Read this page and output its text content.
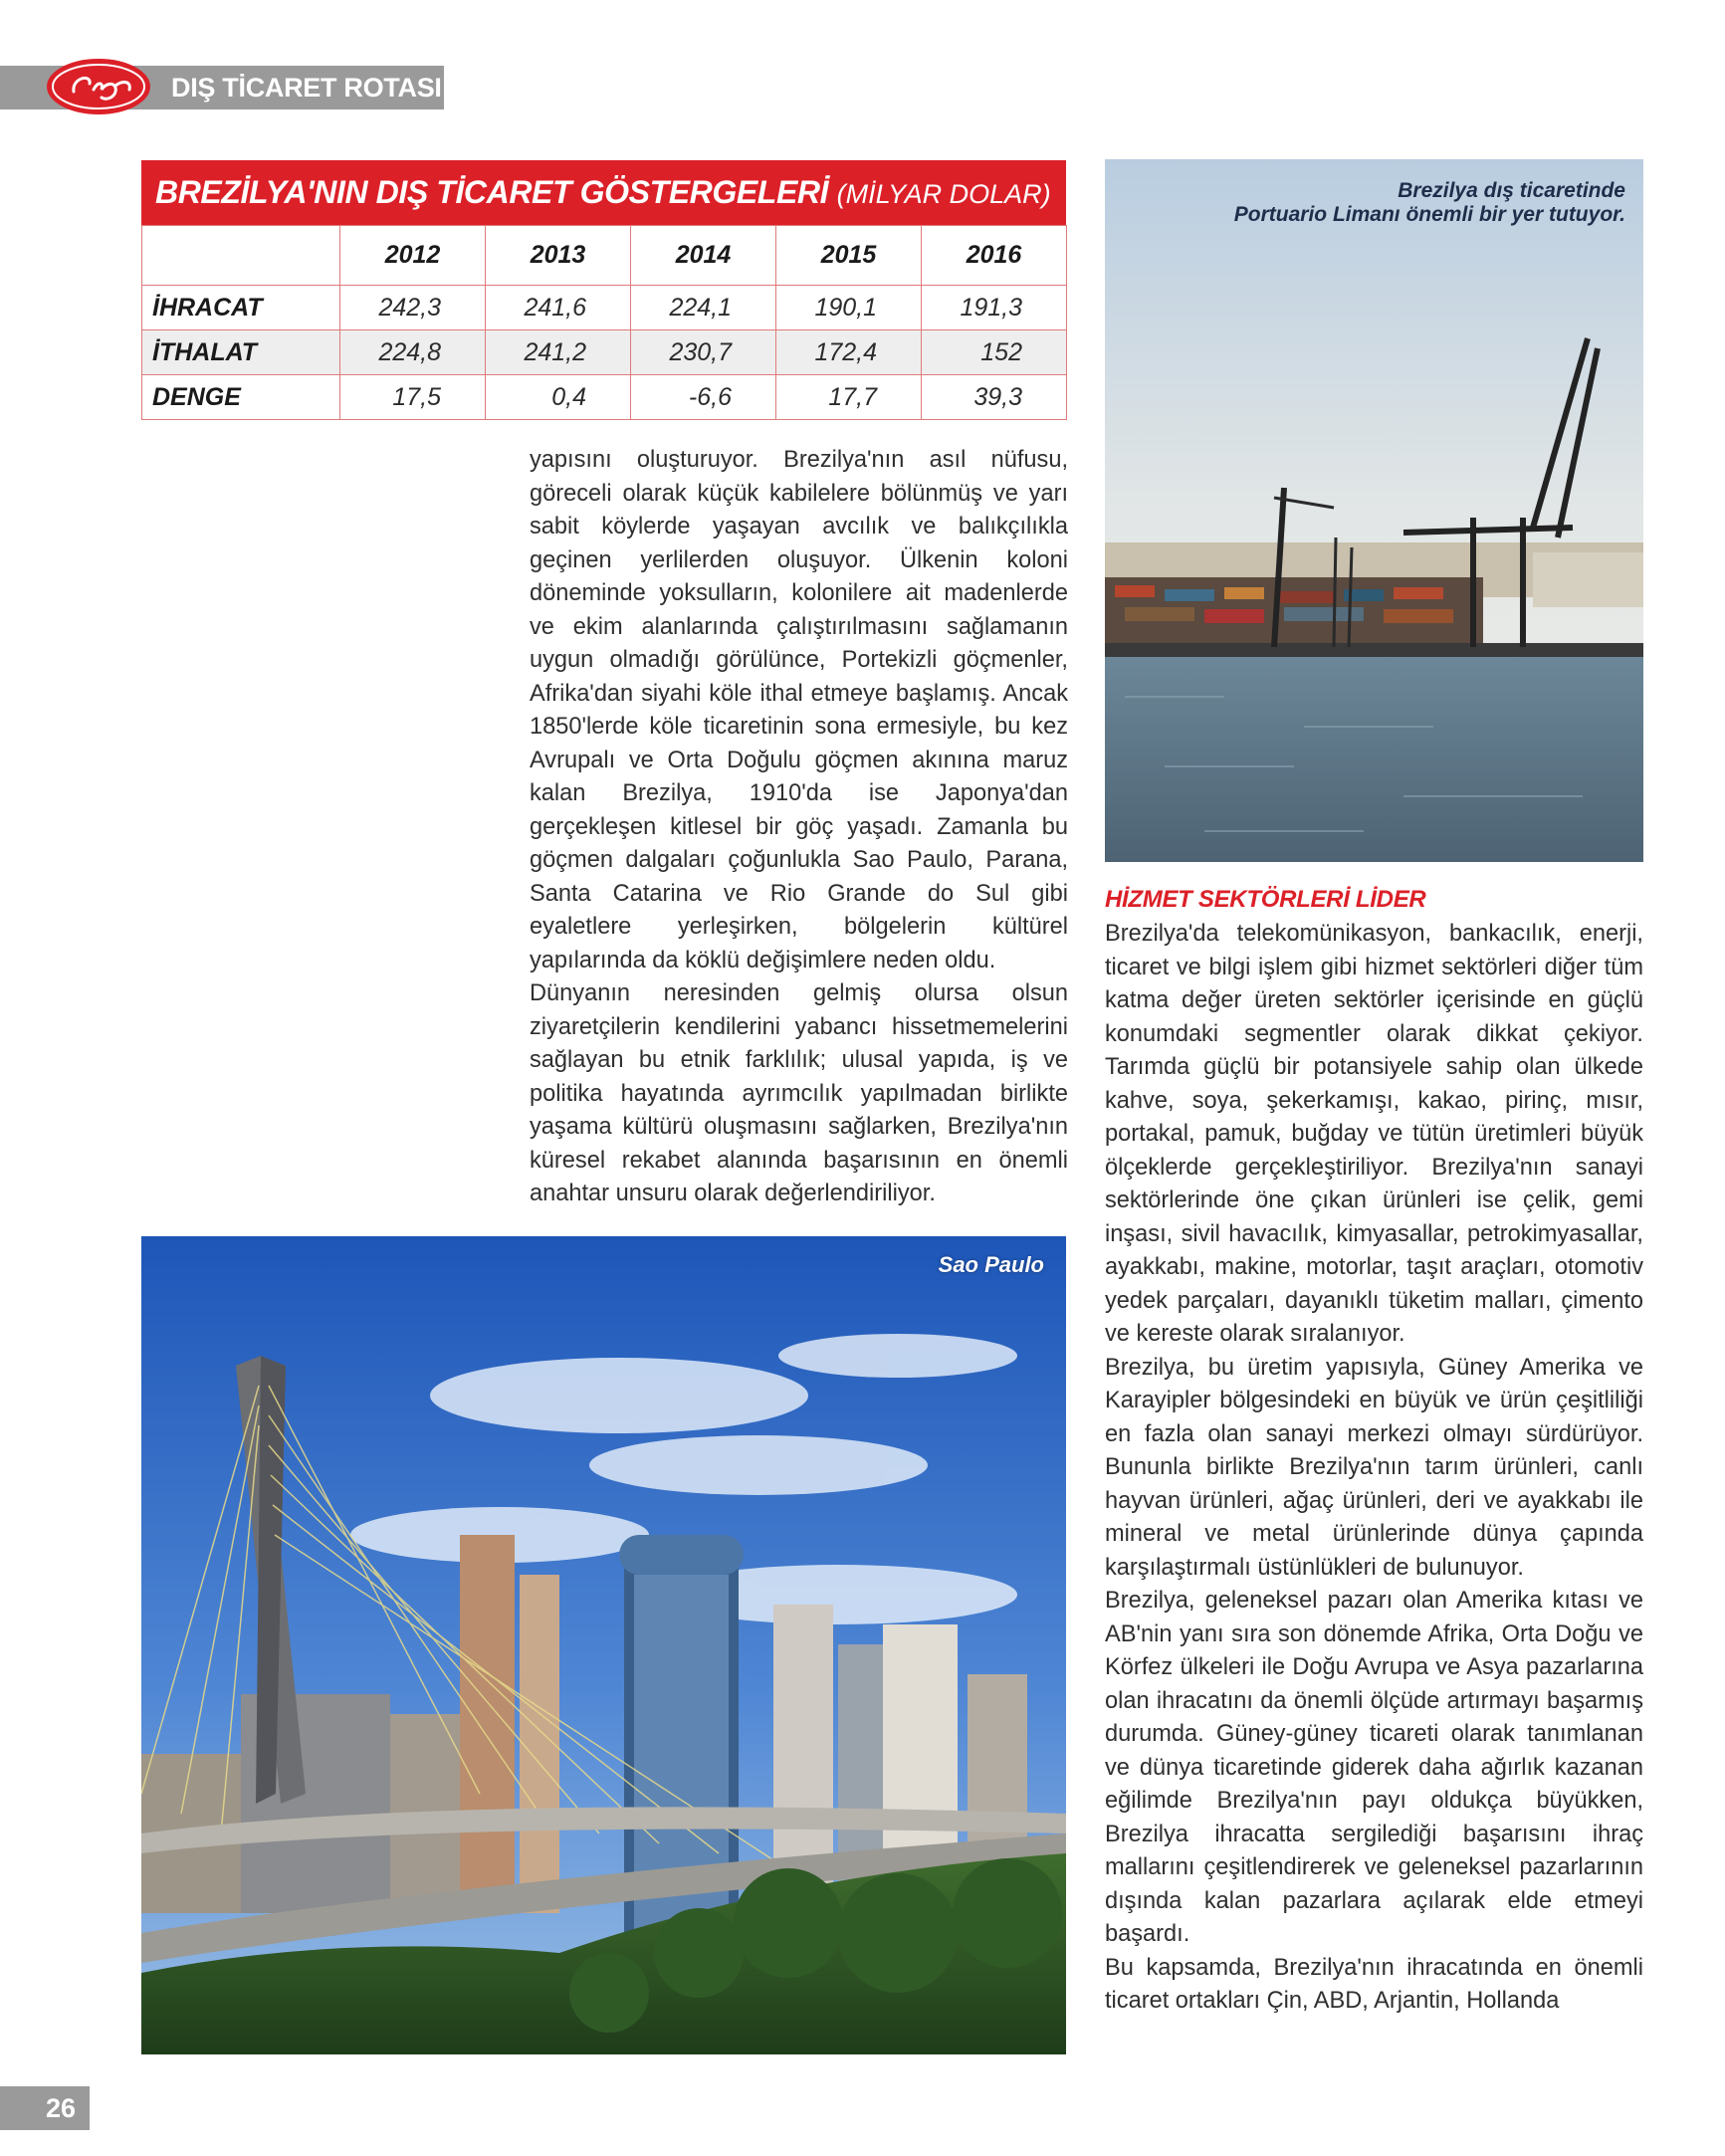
DIŞ TİCARET ROTASI
BREZİLYA'NIN DIŞ TİCARET GÖSTERGELERİ (MİLYAR DOLAR)
	2012	2013	2014	2015	2016
İHRACAT	242,3	241,6	224,1	190,1	191,3
İTHALAT	224,8	241,2	230,7	172,4	152
DENGE	17,5	0,4	-6,6	17,7	39,3

yapısını oluşturuyor. Brezilya'nın asıl nüfusu, göreceli olarak küçük kabilelere bölünmüş ve yarı sabit köylerde yaşayan avcılık ve balıkçılıkla geçinen yerlilerden oluşuyor. Ülkenin koloni döneminde yoksulların, kolonilere ait madenlerde ve ekim alanlarında çalıştırılmasını sağlamanın uygun olmadığı görülünce, Portekizli göçmenler, Afrika'dan siyahi köle ithal etmeye başlamış. Ancak 1850'lerde köle ticaretinin sona ermesiyle, bu kez Avrupalı ve Orta Doğulu göçmen akınına maruz kalan Brezilya, 1910'da ise Japonya'dan gerçekleşen kitlesel bir göç yaşadı. Zamanla bu göçmen dalgaları çoğunlukla Sao Paulo, Parana, Santa Catarina ve Rio Grande do Sul gibi eyaletlere yerleşirken, bölgelerin kültürel yapılarında da köklü değişimlere neden oldu.

Dünyanın neresinden gelmiş olursa olsun ziyaretçilerin kendilerini yabancı hissetmemelerini sağlayan bu etnik farklılık; ulusal yapıda, iş ve politika hayatında ayrımcılık yapılmadan birlikte yaşama kültürü oluşmasını sağlarken, Brezilya'nın küresel rekabet alanında başarısının en önemli anahtar unsuru olarak değerlendiriliyor.

Brezilya dış ticaretinde
Portuario Limanı önemli bir yer tutuyor.
HİZMET SEKTÖRLERİ LİDER

Brezilya'da telekomünikasyon, bankacılık, enerji, ticaret ve bilgi işlem gibi hizmet sektörleri diğer tüm katma değer üreten sektörler içerisinde en güçlü konumdaki segmentler olarak dikkat çekiyor. Tarımda güçlü bir potansiyele sahip olan ülkede kahve, soya, şekerkamışı, kakao, pirinç, mısır, portakal, pamuk, buğday ve tütün üretimleri büyük ölçeklerde gerçekleştiriliyor. Brezilya'nın sanayi sektörlerinde öne çıkan ürünleri ise çelik, gemi inşası, sivil havacılık, kimyasallar, petrokimyasallar, ayakkabı, makine, motorlar, taşıt araçları, otomotiv yedek parçaları, dayanıklı tüketim malları, çimento ve kereste olarak sıralanıyor.

Brezilya, bu üretim yapısıyla, Güney Amerika ve Karayipler bölgesindeki en büyük ve ürün çeşitliliği en fazla olan sanayi merkezi olmayı sürdürüyor. Bununla birlikte Brezilya'nın tarım ürünleri, canlı hayvan ürünleri, ağaç ürünleri, deri ve ayakkabı ile mineral ve metal ürünlerinde dünya çapında karşılaştırmalı üstünlükleri de bulunuyor.

Brezilya, geleneksel pazarı olan Amerika kıtası ve AB'nin yanı sıra son dönemde Afrika, Orta Doğu ve Körfez ülkeleri ile Doğu Avrupa ve Asya pazarlarına olan ihracatını da önemli ölçüde artırmayı başarmış durumda. Güney-güney ticareti olarak tanımlanan ve dünya ticaretinde giderek daha ağırlık kazanan eğilimde Brezilya'nın payı oldukça büyükken, Brezilya ihracatta sergilediği başarısını ihraç mallarını çeşitlendirerek ve geleneksel pazarlarının dışında kalan pazarlara açılarak elde etmeyi başardı.

Bu kapsamda, Brezilya'nın ihracatında en önemli ticaret ortakları Çin, ABD, Arjantin, Hollanda

Sao Paulo
26
